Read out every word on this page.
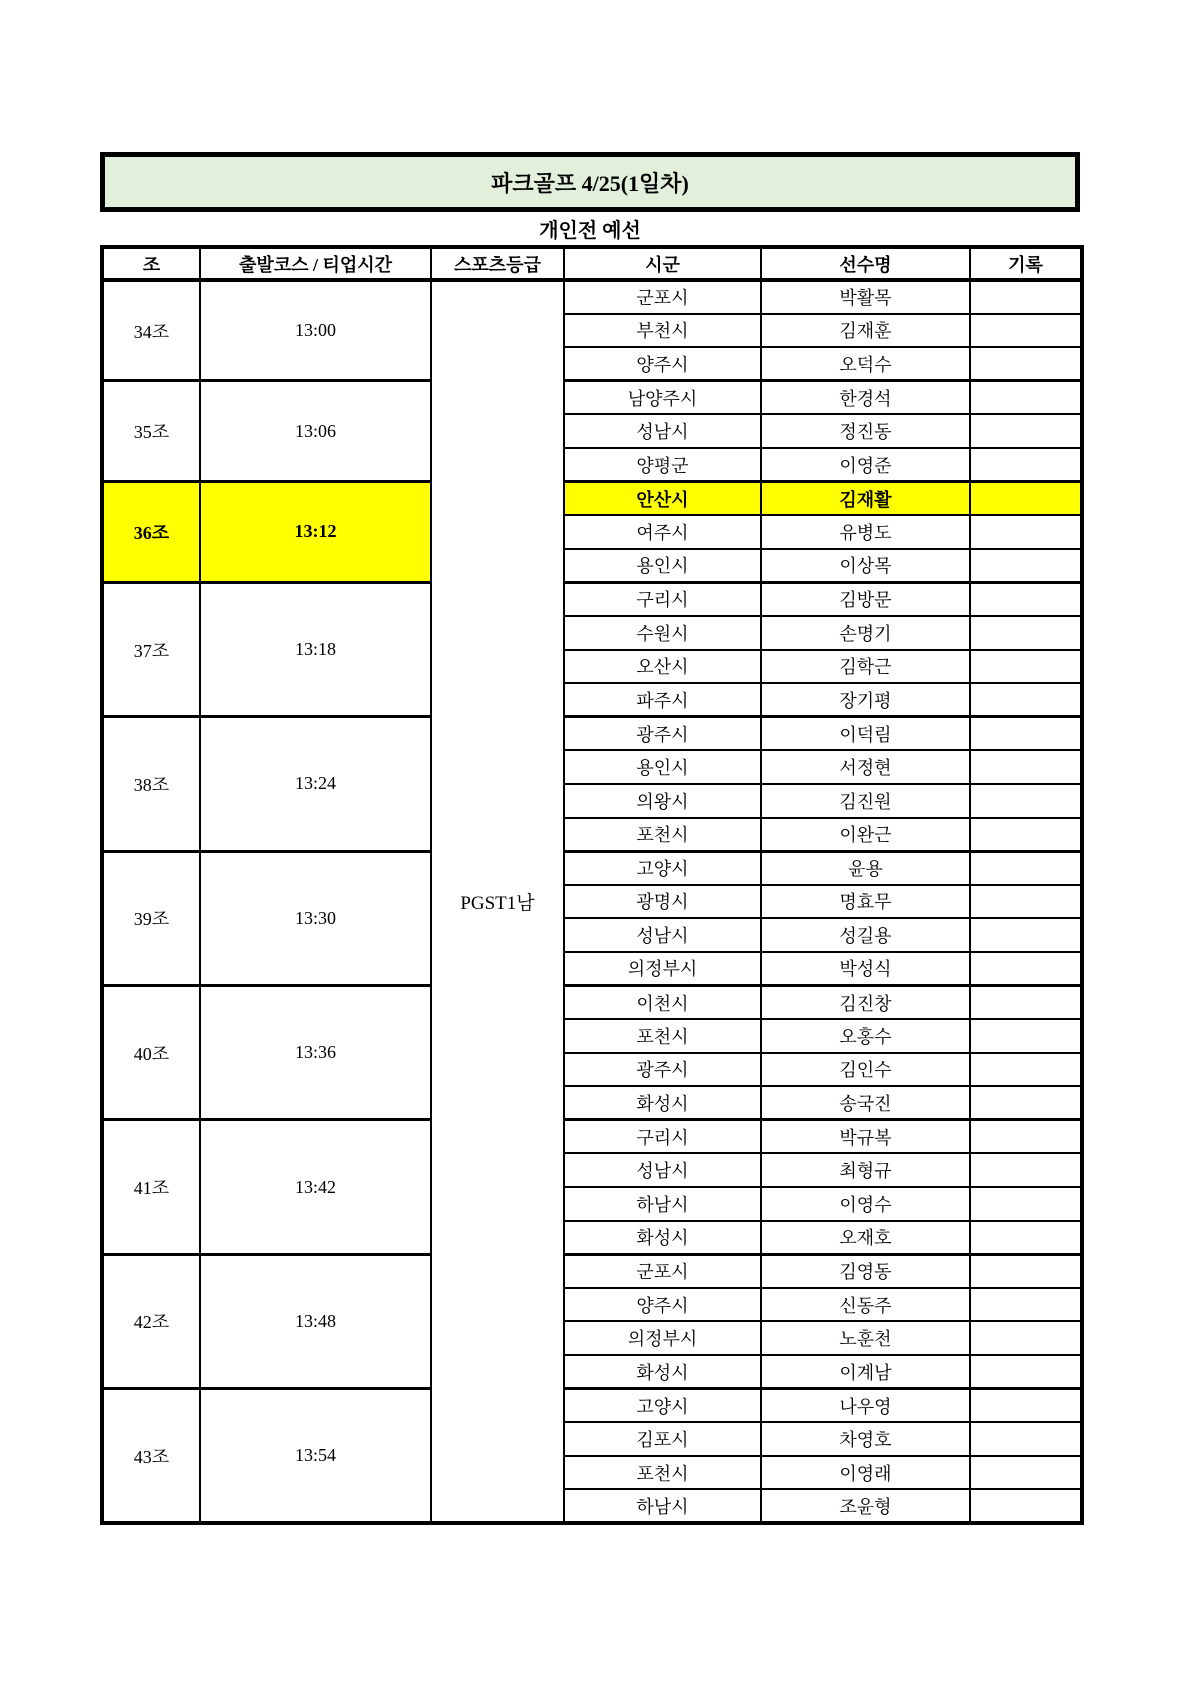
파크골프 4/25(1일차)
개인전 예선
조	출발코스 / 티업시간	스포츠등급	시군	선수명	기록
34조	13:00	PGST1남	군포시	박활목	
			부천시	김재훈	
			양주시	오덕수	
35조	13:06		남양주시	한경석	
			성남시	정진동	
			양평군	이영준	
36조	13:12		안산시	김재활	
			여주시	유병도	
			용인시	이상목	
37조	13:18		구리시	김방문	
			수원시	손명기	
			오산시	김학근	
			파주시	장기평	
38조	13:24		광주시	이덕림	
			용인시	서정현	
			의왕시	김진원	
			포천시	이완근	
39조	13:30		고양시	윤용	
			광명시	명효무	
			성남시	성길용	
			의정부시	박성식	
40조	13:36		이천시	김진창	
			포천시	오홍수	
			광주시	김인수	
			화성시	송국진	
41조	13:42		구리시	박규복	
			성남시	최형규	
			하남시	이영수	
			화성시	오재호	
42조	13:48		군포시	김영동	
			양주시	신동주	
			의정부시	노훈천	
			화성시	이계남	
43조	13:54		고양시	나우영	
			김포시	차영호	
			포천시	이영래	
			하남시	조윤형	
